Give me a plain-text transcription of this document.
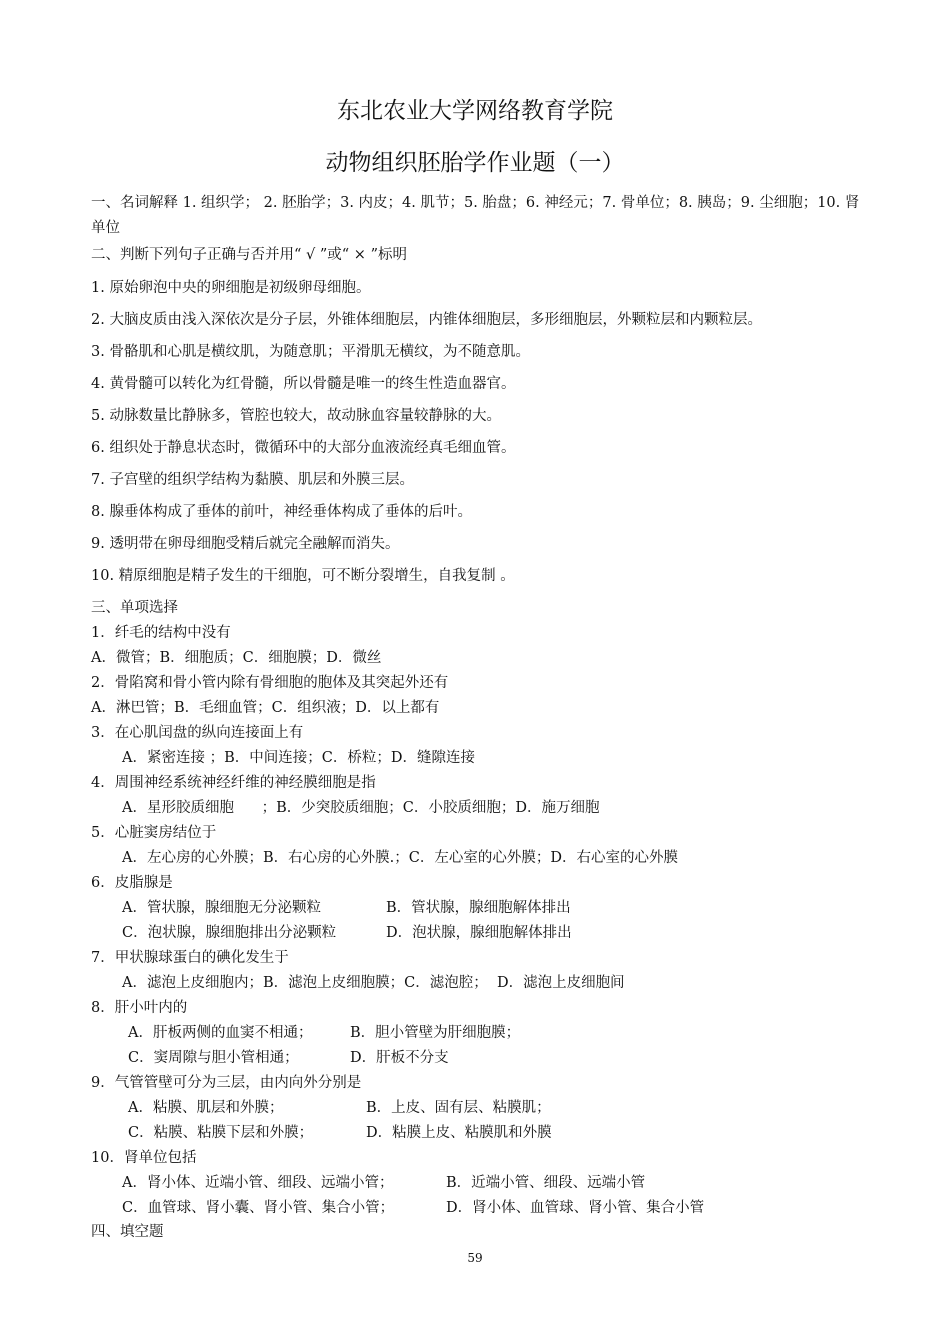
东北农业大学网络教育学院
动物组织胚胎学作业题（一）
一、名词解释 1. 组织学； 2. 胚胎学；3. 内皮；4. 肌节；5. 胎盘；6. 神经元；7. 骨单位；8. 胰岛；9. 尘细胞；10. 肾单位
二、判断下列句子正确与否并用“ √ ”或“ × ”标明
1. 原始卵泡中央的卵细胞是初级卵母细胞。
2. 大脑皮质由浅入深依次是分子层，外锥体细胞层，内锥体细胞层，多形细胞层，外颗粒层和内颗粒层。
3. 骨骼肌和心肌是横纹肌，为随意肌；平滑肌无横纹，为不随意肌。
4. 黄骨髓可以转化为红骨髓，所以骨髓是唯一的终生性造血器官。
5. 动脉数量比静脉多，管腔也较大，故动脉血容量较静脉的大。
6. 组织处于静息状态时，微循环中的大部分血液流经真毛细血管。
7. 子宫壁的组织学结构为黏膜、肌层和外膜三层。
8. 腺垂体构成了垂体的前叶，神经垂体构成了垂体的后叶。
9. 透明带在卵母细胞受精后就完全融解而消失。
10. 精原细胞是精子发生的干细胞，可不断分裂增生，自我复制 。
三、单项选择
1．纤毛的结构中没有
A．微管；B．细胞质；C．细胞膜；D．微丝
2．骨陷窝和骨小管内除有骨细胞的胞体及其突起外还有
A．淋巴管；B．毛细血管；C．组织液；D．以上都有
3．在心肌闰盘的纵向连接面上有
A．紧密连接 ；B．中间连接；C．桥粒；D．缝隙连接
4．周围神经系统神经纤维的神经膜细胞是指
A．星形胶质细胞      ；B．少突胶质细胞；C．小胶质细胞；D．施万细胞
5．心脏窦房结位于
A．左心房的心外膜；B．右心房的心外膜.；C．左心室的心外膜；D．右心室的心外膜
6．皮脂腺是
A．管状腺，腺细胞无分泌颗粒	B．管状腺，腺细胞解体排出
C．泡状腺，腺细胞排出分泌颗粒	D．泡状腺，腺细胞解体排出
7．甲状腺球蛋白的碘化发生于
A．滤泡上皮细胞内；B．滤泡上皮细胞膜；C．滤泡腔；  D．滤泡上皮细胞间
8．肝小叶内的
A．肝板两侧的血窦不相通；	B．胆小管壁为肝细胞膜；
C．窦周隙与胆小管相通；	D．肝板不分支
9．气管管壁可分为三层，由内向外分别是
A．粘膜、肌层和外膜；	B．上皮、固有层、粘膜肌；
C．粘膜、粘膜下层和外膜；	D．粘膜上皮、粘膜肌和外膜
10．肾单位包括
A．肾小体、近端小管、细段、远端小管；	B．近端小管、细段、远端小管
C．血管球、肾小囊、肾小管、集合小管；	D．肾小体、血管球、肾小管、集合小管
四、填空题
59
